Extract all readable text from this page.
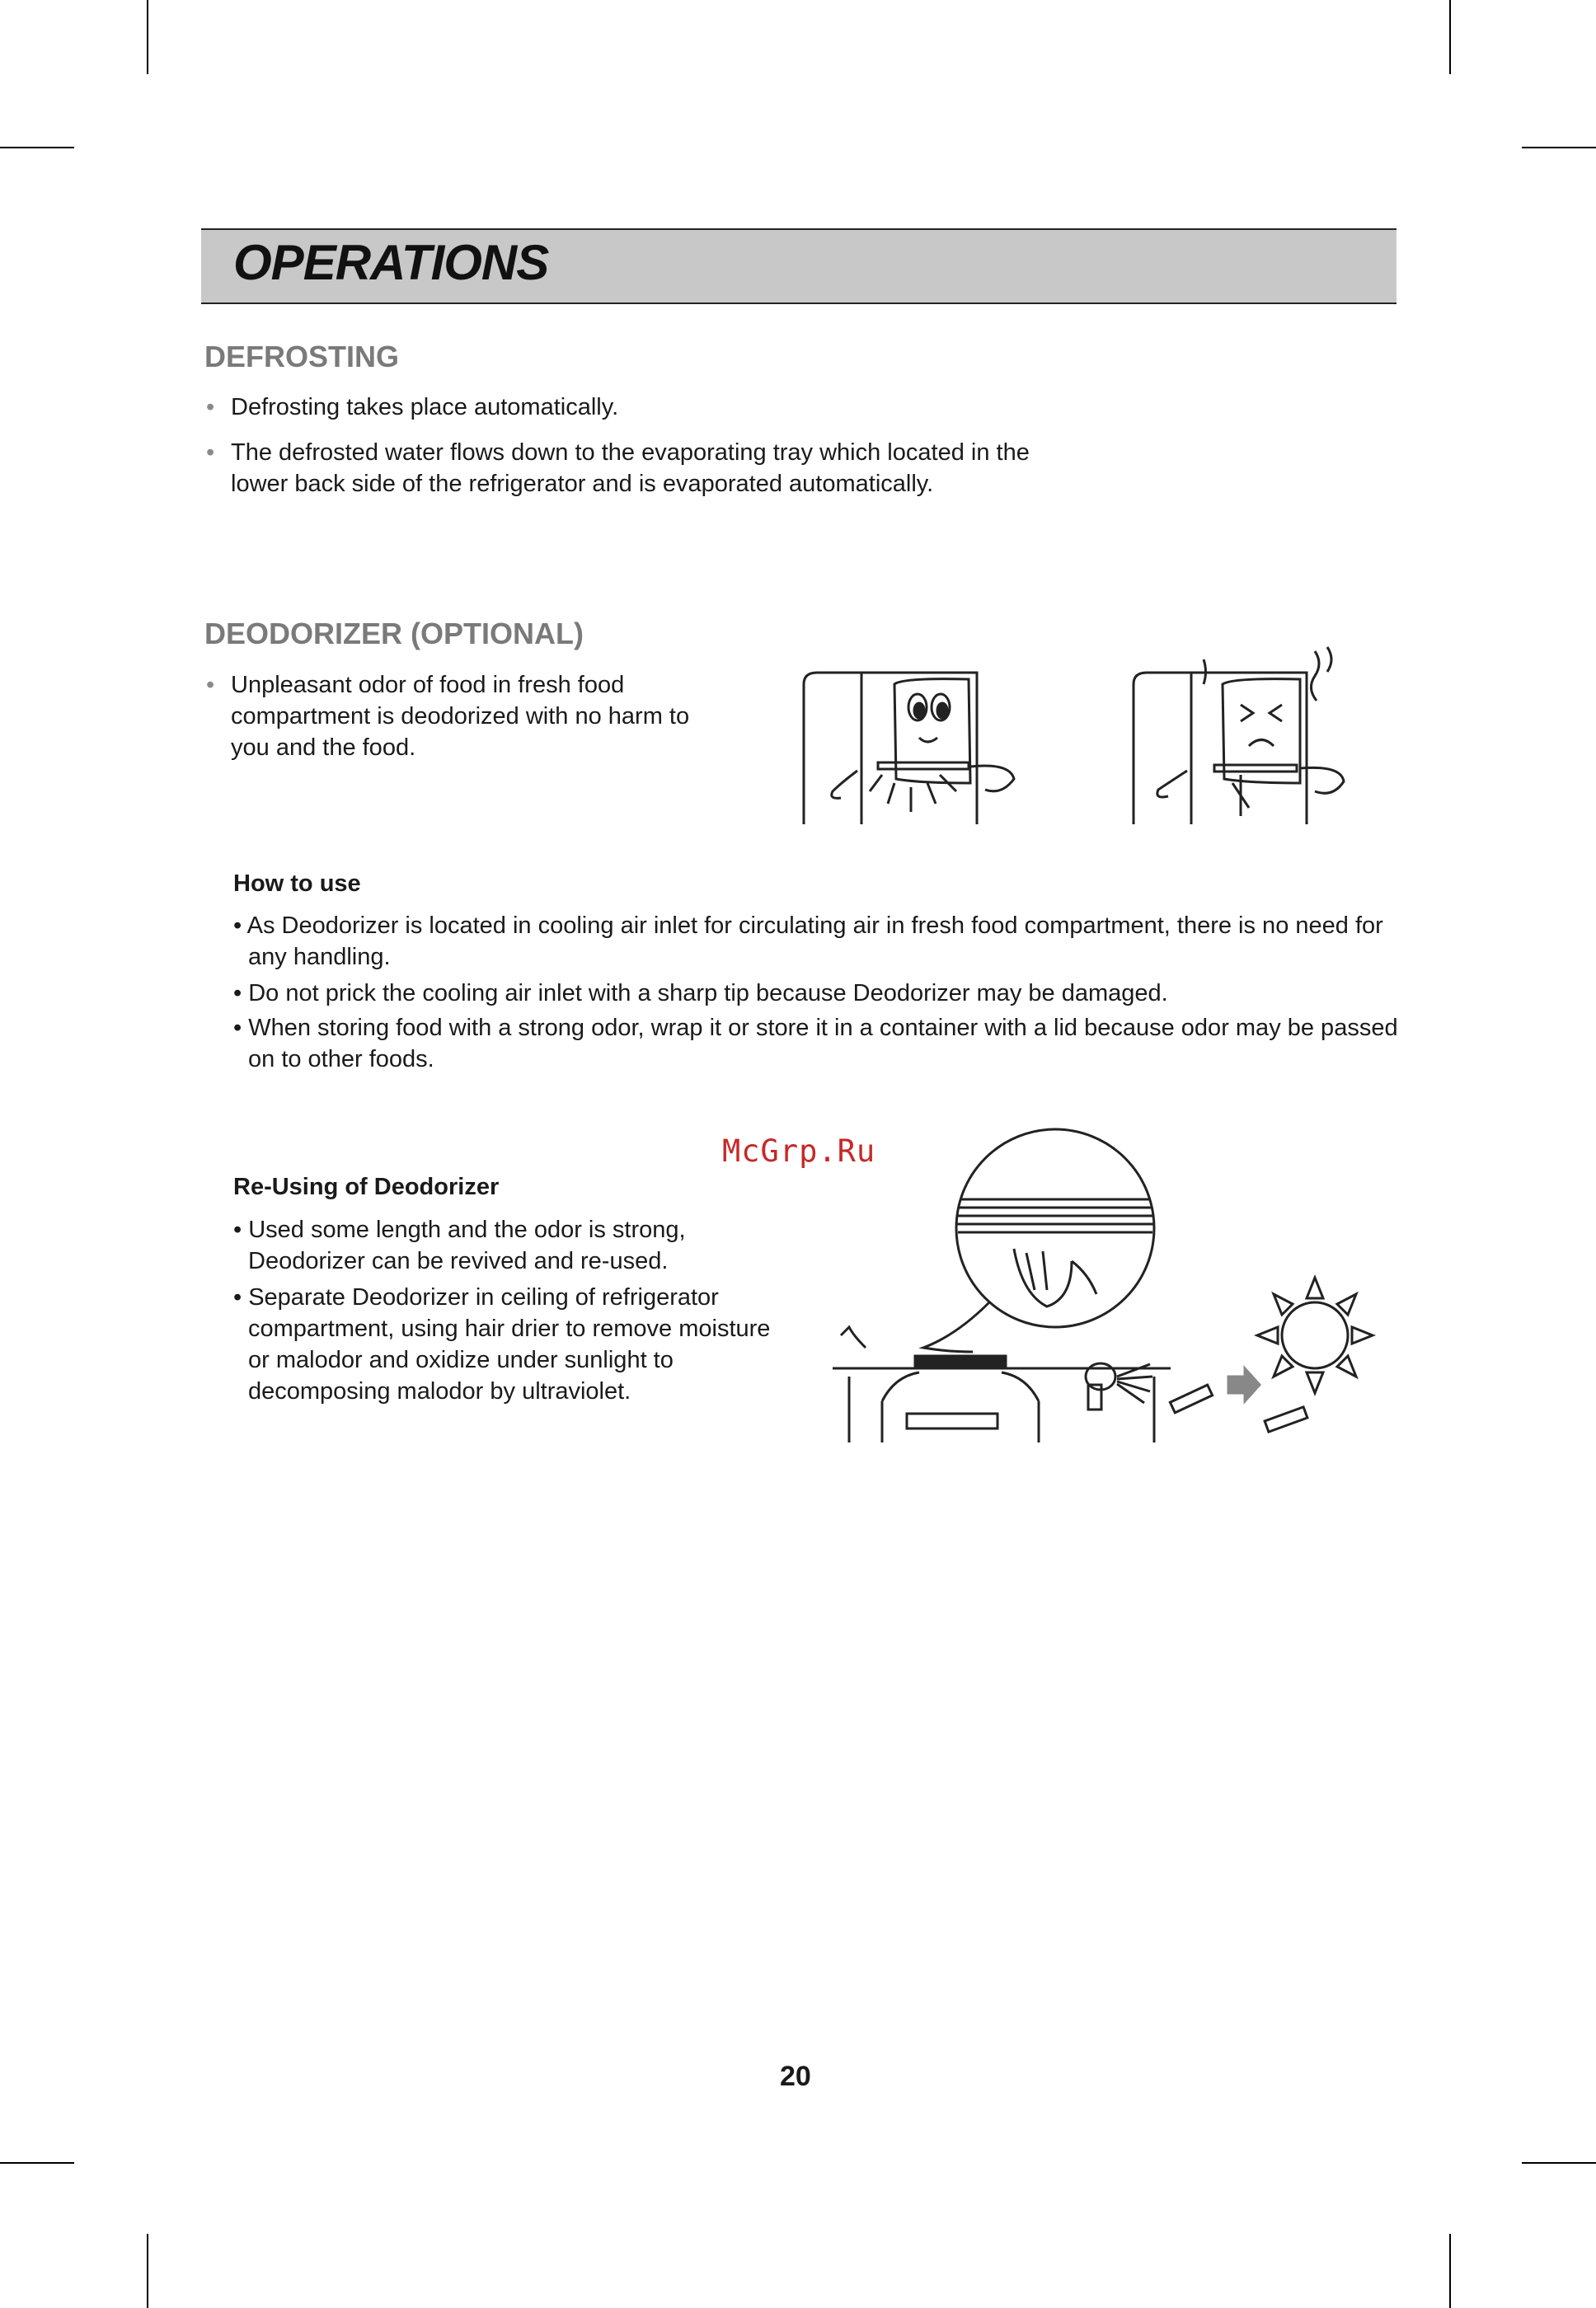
OPERATIONS
DEFROSTING
• Defrosting takes place automatically.
• The defrosted water flows down to the evaporating tray which located in the lower back side of the refrigerator and is evaporated automatically.
DEODORIZER (OPTIONAL)
• Unpleasant odor of food in fresh food compartment is deodorized with no harm to you and the food.
How to use
• As Deodorizer is located in cooling air inlet for circulating air in fresh food compartment, there is no need for any handling.
• Do not prick the cooling air inlet with a sharp tip because Deodorizer may be damaged.
• When storing food with a strong odor, wrap it or store it in a container with a lid because odor may be passed on to other foods.
McGrp.Ru
Re-Using of Deodorizer
• Used some length and the odor is strong, Deodorizer can be revived and re-used.
• Separate Deodorizer in ceiling of refrigerator compartment, using hair drier to remove moisture or malodor and oxidize under sunlight to decomposing malodor by ultraviolet.
20
